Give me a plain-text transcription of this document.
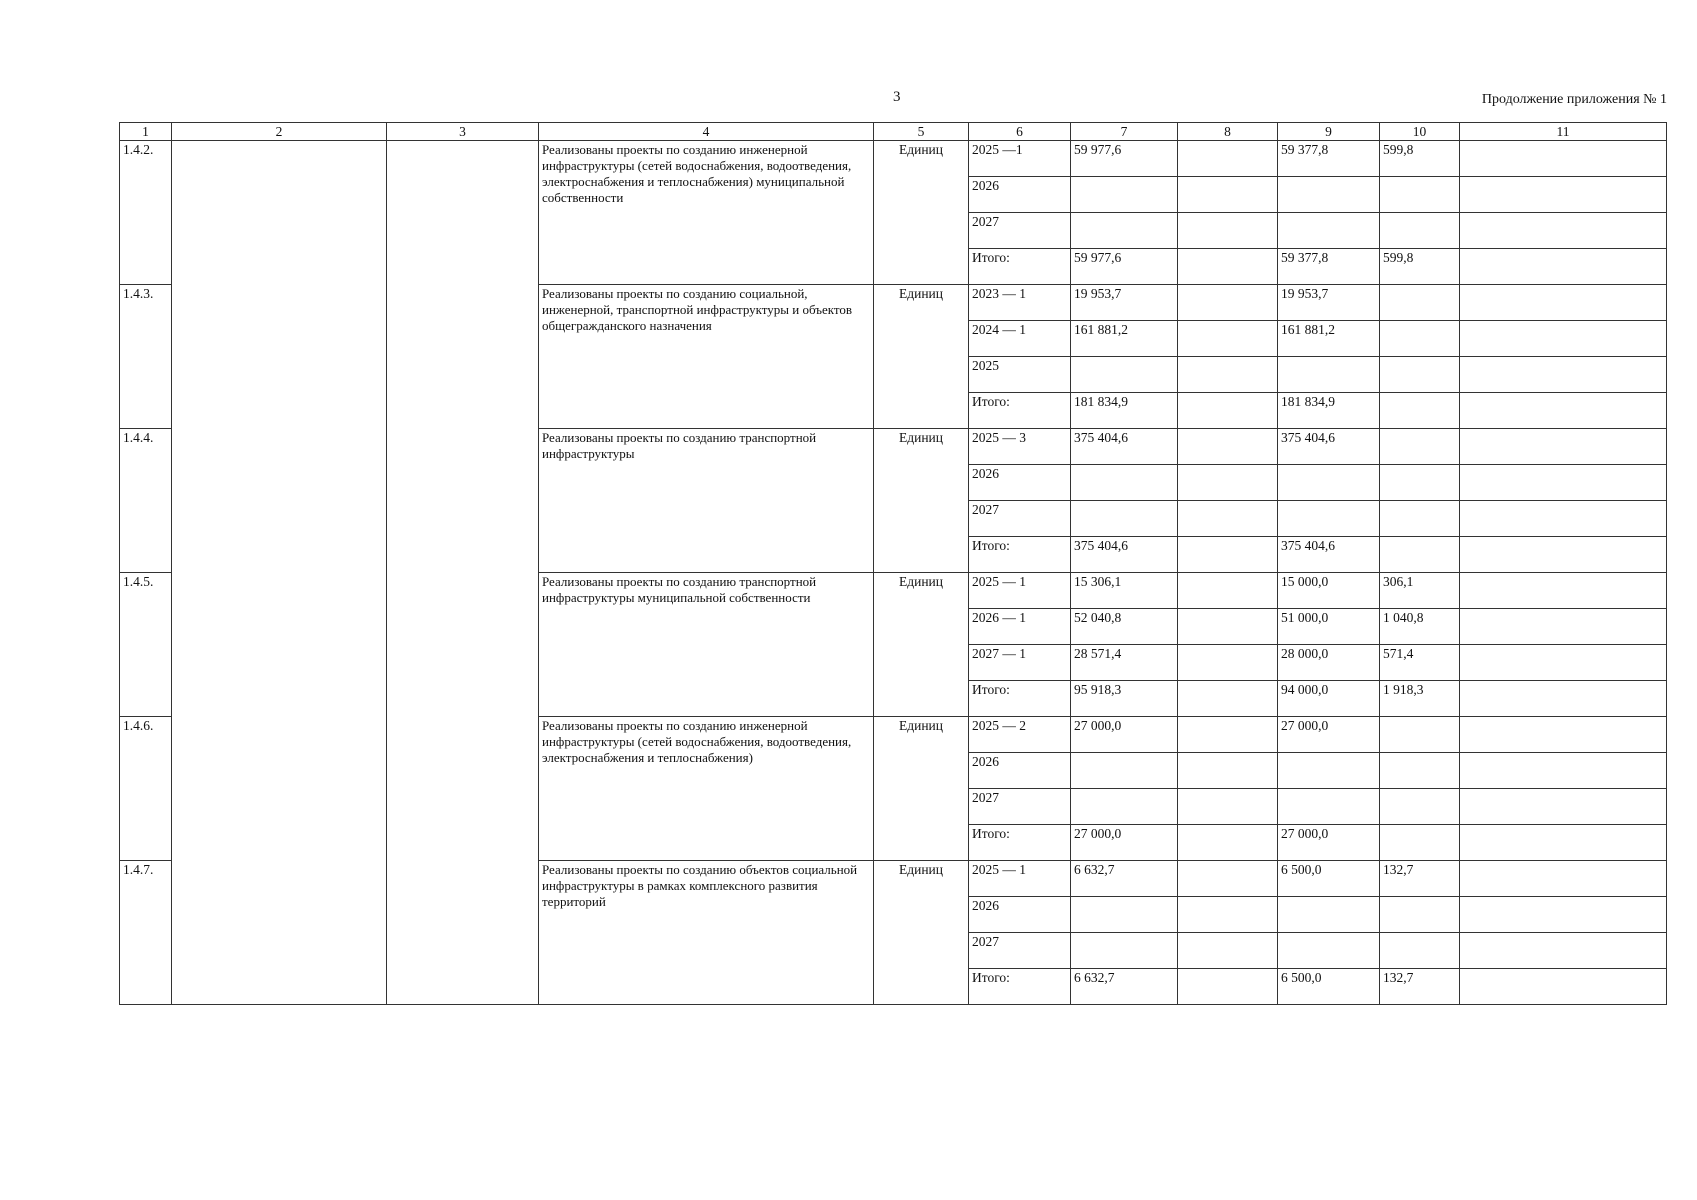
3	Продолжение приложения № 1
1	2	3	4	5	6	7	8	9	10	11
1.4.2.			Реализованы проекты по созданию инженерной инфраструктуры (сетей водоснабжения, водоотведения, электроснабжения и теплоснабжения) муниципальной собственности	Единиц	2025 —1	59 977,6		59 377,8	599,8	
					2026					
					2027					
					Итого:	59 977,6		59 377,8	599,8	
1.4.3.			Реализованы проекты по созданию социальной, инженерной, транспортной инфраструктуры и объектов общегражданского назначения	Единиц	2023 — 1	19 953,7		19 953,7		
					2024 — 1	161 881,2		161 881,2		
					2025					
					Итого:	181 834,9		181 834,9		
1.4.4.			Реализованы проекты по созданию транспортной инфраструктуры	Единиц	2025 — 3	375 404,6		375 404,6		
					2026					
					2027					
					Итого:	375 404,6		375 404,6		
1.4.5.			Реализованы проекты по созданию транспортной инфраструктуры муниципальной собственности	Единиц	2025 — 1	15 306,1		15 000,0	306,1	
					2026 — 1	52 040,8		51 000,0	1 040,8	
					2027 — 1	28 571,4		28 000,0	571,4	
					Итого:	95 918,3		94 000,0	1 918,3	
1.4.6.			Реализованы проекты по созданию инженерной инфраструктуры (сетей водоснабжения, водоотведения, электроснабжения и теплоснабжения)	Единиц	2025 — 2	27 000,0		27 000,0		
					2026					
					2027					
					Итого:	27 000,0		27 000,0		
1.4.7.			Реализованы проекты по созданию объектов социальной инфраструктуры в рамках комплексного развития территорий	Единиц	2025 — 1	6 632,7		6 500,0	132,7	
					2026					
					2027					
					Итого:	6 632,7		6 500,0	132,7	
